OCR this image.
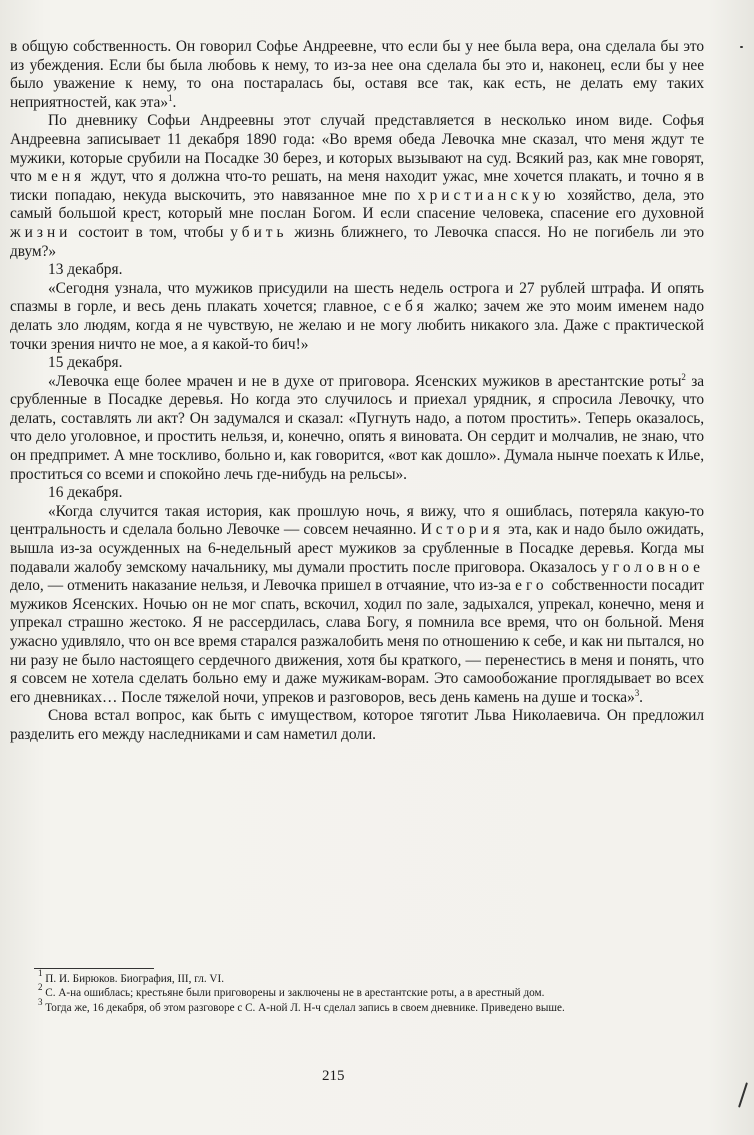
в общую собственность. Он говорил Софье Андреевне, что если бы у нее была вера, она сделала бы это из убеждения. Если бы была любовь к нему, то из-за нее она сделала бы это и, наконец, если бы у нее было уважение к нему, то она постаралась бы, оставя все так, как есть, не делать ему таких неприятностей, как эта»$^1$.

По дневнику Софьи Андреевны этот случай представляется в несколько ином виде. Софья Андреевна записывает 11 декабря 1890 года: «Во время обеда Левочка мне сказал, что меня ждут те мужики, которые срубили на Посадке 30 берез, и которых вызывают на суд. Всякий раз, как мне говорят, что меня ждут, что я должна что-то решать, на меня находит ужас, мне хочется плакать, и точно я в тиски попадаю, некуда выскочить, это навязанное мне по христианскую хозяйство, дела, это самый большой крест, который мне послан Богом. И если спасение человека, спасение его духовной жизни состоит в том, чтобы убить жизнь ближнего, то Левочка спасся. Но не погибель ли это двум?»

13 декабря.

«Сегодня узнала, что мужиков присудили на шесть недель острога и 27 рублей штрафа. И опять спазмы в горле, и весь день плакать хочется; главное, себя жалко; зачем же это моим именем надо делать зло людям, когда я не чувствую, не желаю и не могу любить никакого зла. Даже с практической точки зрения ничто не мое, а я какой-то бич!»

15 декабря.

«Левочка еще более мрачен и не в духе от приговора. Ясенских мужиков в арестантские роты$^2$ за срубленные в Посадке деревья. Но когда это случилось и приехал урядник, я спросила Левочку, что делать, составлять ли акт? Он задумался и сказал: «Пугнуть надо, а потом простить». Теперь оказалось, что дело уголовное, и простить нельзя, и, конечно, опять я виновата. Он сердит и молчалив, не знаю, что он предпримет. А мне тоскливо, больно и, как говорится, «вот как дошло». Думала нынче поехать к Илье, проститься со всеми и спокойно лечь где-нибудь на рельсы».

16 декабря.

«Когда случится такая история, как прошлую ночь, я вижу, что я ошиблась, потеряла какую-то центральность и сделала больно Левочке — совсем нечаянно. История эта, как и надо было ожидать, вышла из-за осужденных на 6-недельный арест мужиков за срубленные в Посадке деревья. Когда мы подавали жалобу земскому начальнику, мы думали простить после приговора. Оказалось уголовное дело, — отменить наказание нельзя, и Левочка пришел в отчаяние, что из-за его собственности посадит мужиков Ясенских. Ночью он не мог спать, вскочил, ходил по зале, задыхался, упрекал, конечно, меня и упрекал страшно жестоко. Я не рассердилась, слава Богу, я помнила все время, что он больной. Меня ужасно удивляло, что он все время старался разжалобить меня по отношению к себе, и как ни пытался, но ни разу не было настоящего сердечного движения, хотя бы краткого, — перенестись в меня и понять, что я совсем не хотела сделать больно ему и даже мужикам-ворам. Это самообожание проглядывает во всех его дневниках… После тяжелой ночи, упреков и разговоров, весь день камень на душе и тоска»$^3$.

Снова встал вопрос, как быть с имуществом, которое тяготит Льва Николаевича. Он предложил разделить его между наследниками и сам наметил доли.

$^1$ П. И. Бирюков. Биография, III, гл. VI.

$^2$ С. А-на ошиблась; крестьяне были приговорены и заключены не в арестантские роты, а в арестный дом.

$^3$ Тогда же, 16 декабря, об этом разговоре с С. А-ной Л. Н-ч сделал запись в своем дневнике. Приведено выше.

215
